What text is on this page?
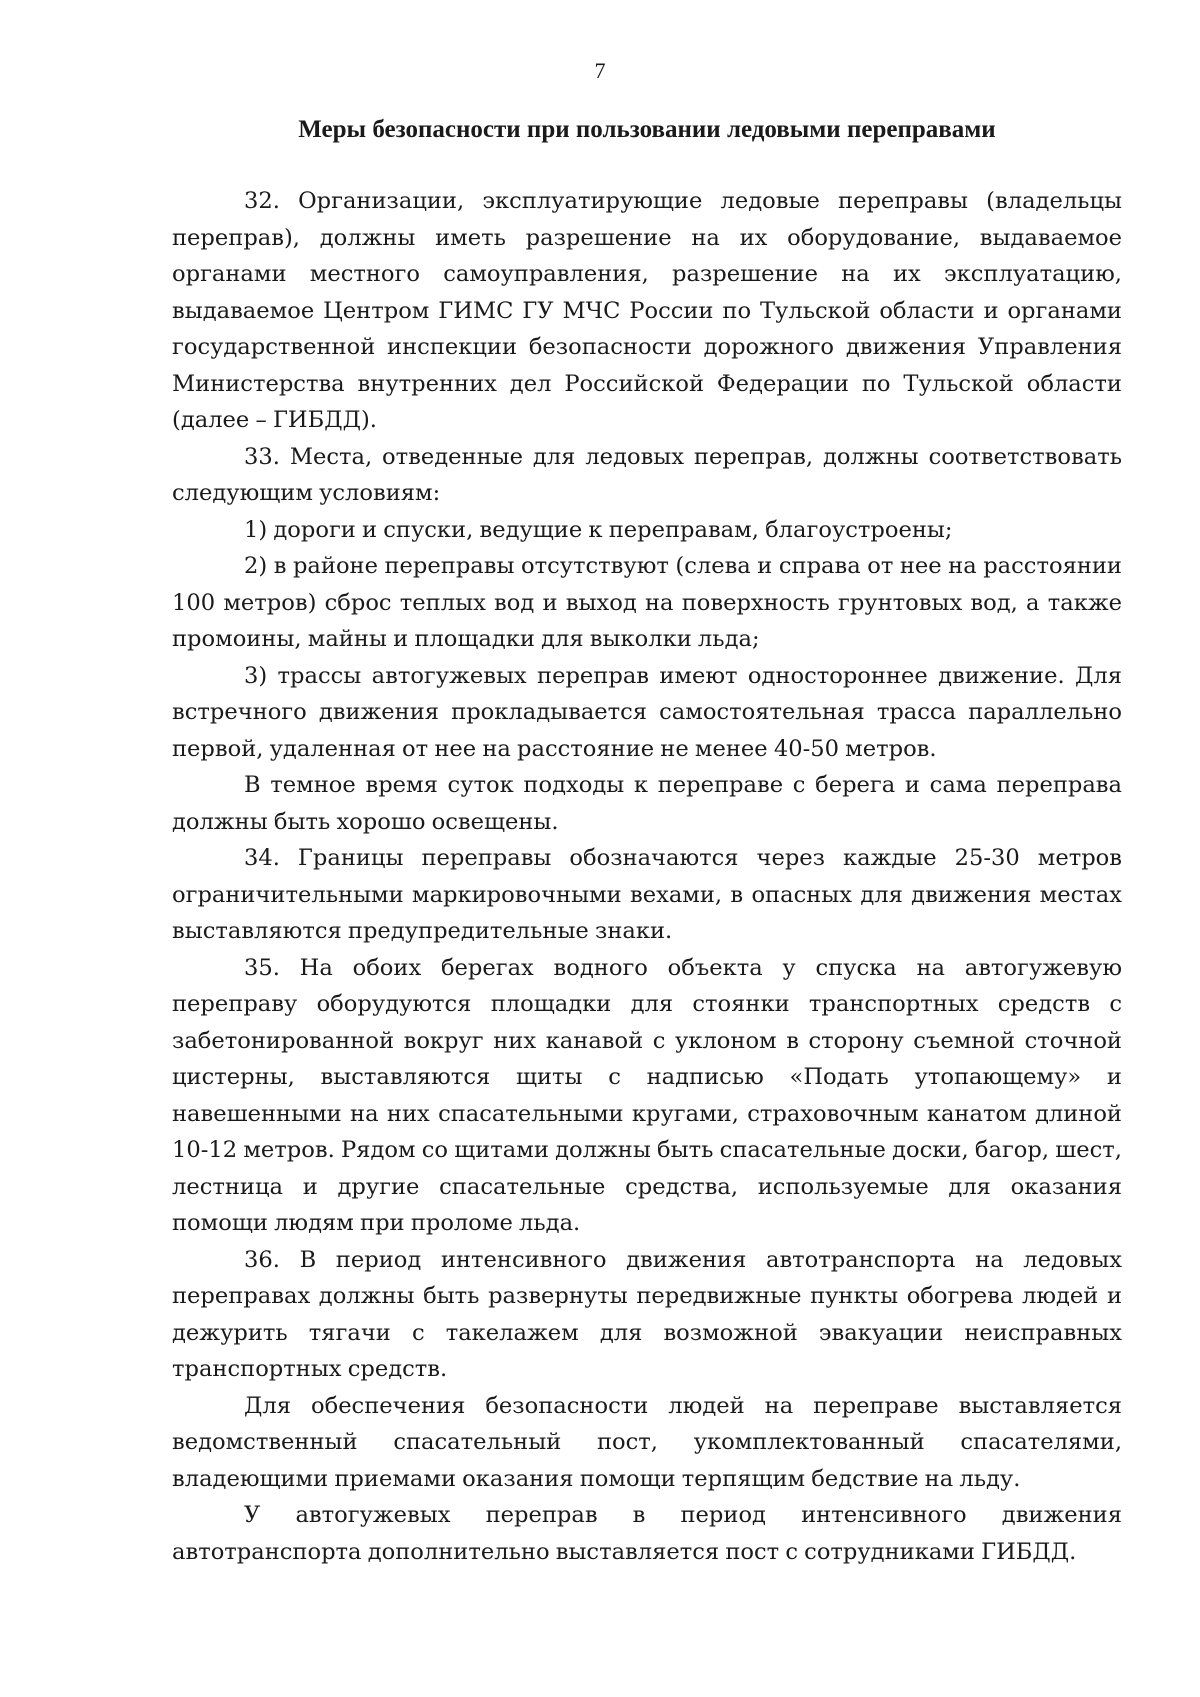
7
Меры безопасности при пользовании ледовыми переправами

32. Организации, эксплуатирующие ледовые переправы (владельцы переправ), должны иметь разрешение на их оборудование, выдаваемое органами местного самоуправления, разрешение на их эксплуатацию, выдаваемое Центром ГИМС ГУ МЧС России по Тульской области и органами государственной инспекции безопасности дорожного движения Управления Министерства внутренних дел Российской Федерации по Тульской области (далее – ГИБДД).

33. Места, отведенные для ледовых переправ, должны соответствовать следующим условиям:

1) дороги и спуски, ведущие к переправам, благоустроены;

2) в районе переправы отсутствуют (слева и справа от нее на расстоянии 100 метров) сброс теплых вод и выход на поверхность грунтовых вод, а также промоины, майны и площадки для выколки льда;

3) трассы автогужевых переправ имеют одностороннее движение. Для встречного движения прокладывается самостоятельная трасса параллельно первой, удаленная от нее на расстояние не менее 40-50 метров.

В темное время суток подходы к переправе с берега и сама переправа должны быть хорошо освещены.

34. Границы переправы обозначаются через каждые 25-30 метров ограничительными маркировочными вехами, в опасных для движения местах выставляются предупредительные знаки.

35. На обоих берегах водного объекта у спуска на автогужевую переправу оборудуются площадки для стоянки транспортных средств с забетонированной вокруг них канавой с уклоном в сторону съемной сточной цистерны, выставляются щиты с надписью «Подать утопающему» и навешенными на них спасательными кругами, страховочным канатом длиной 10-12 метров. Рядом со щитами должны быть спасательные доски, багор, шест, лестница и другие спасательные средства, используемые для оказания помощи людям при проломе льда.

36. В период интенсивного движения автотранспорта на ледовых переправах должны быть развернуты передвижные пункты обогрева людей и дежурить тягачи с такелажем для возможной эвакуации неисправных транспортных средств.

Для обеспечения безопасности людей на переправе выставляется ведомственный спасательный пост, укомплектованный спасателями, владеющими приемами оказания помощи терпящим бедствие на льду.

У автогужевых переправ в период интенсивного движения автотранспорта дополнительно выставляется пост с сотрудниками ГИБДД.
